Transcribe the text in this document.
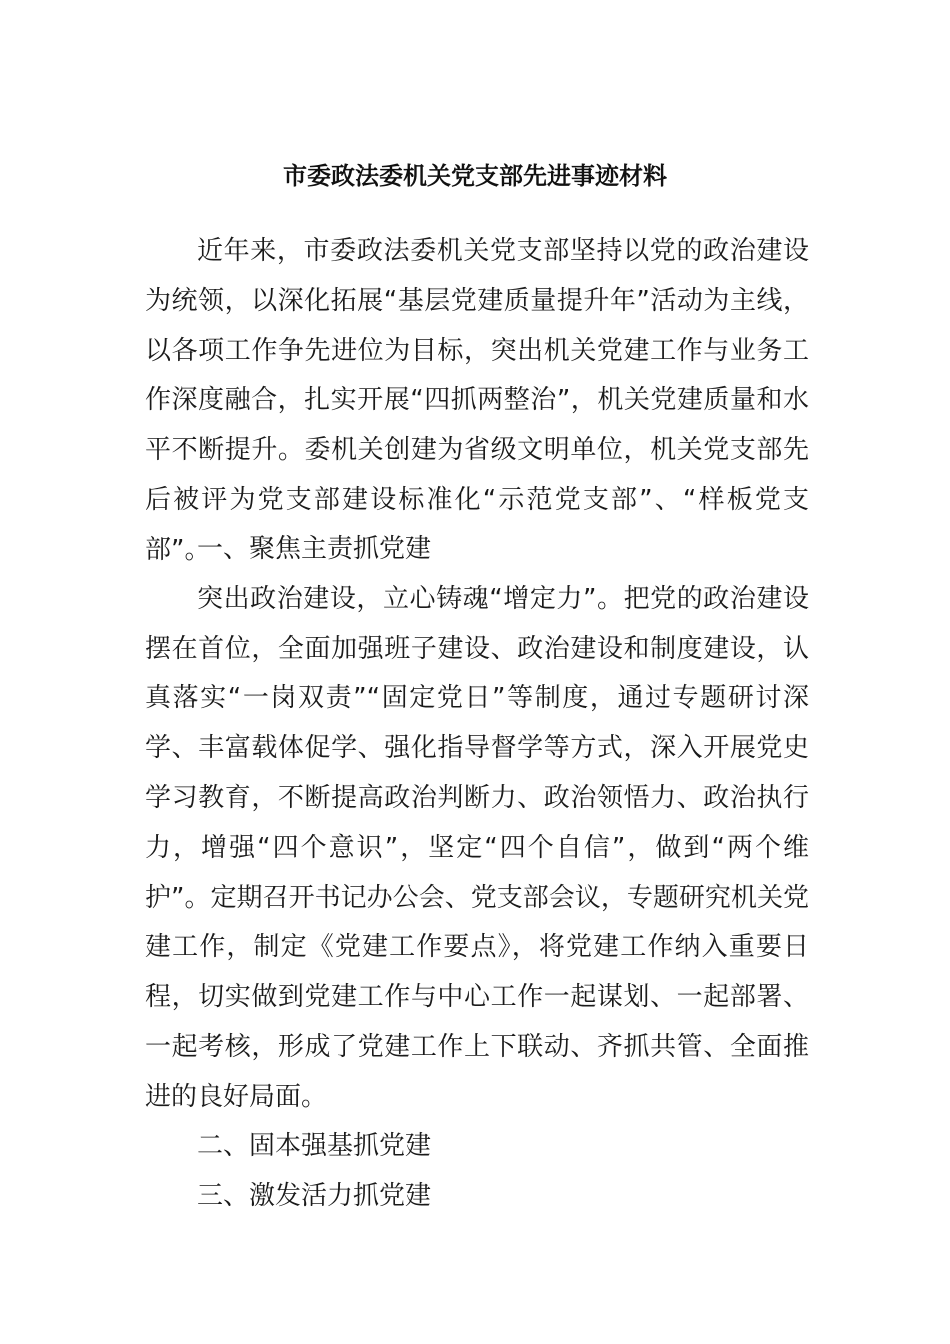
市委政法委机关党支部先进事迹材料

近年来，市委政法委机关党支部坚持以党的政治建设为统领，以深化拓展“基层党建质量提升年”活动为主线，以各项工作争先进位为目标，突出机关党建工作与业务工作深度融合，扎实开展“四抓两整治”，机关党建质量和水平不断提升。委机关创建为省级文明单位，机关党支部先后被评为党支部建设标准化“示范党支部”、“样板党支部”。

一、聚焦主责抓党建

突出政治建设，立心铸魂“增定力”。把党的政治建设摆在首位，全面加强班子建设、政治建设和制度建设，认真落实“一岗双责”“固定党日”等制度，通过专题研讨深学、丰富载体促学、强化指导督学等方式，深入开展党史学习教育，不断提高政治判断力、政治领悟力、政治执行力，增强“四个意识”，坚定“四个自信”，做到“两个维护”。定期召开书记办公会、党支部会议，专题研究机关党建工作，制定《党建工作要点》，将党建工作纳入重要日程，切实做到党建工作与中心工作一起谋划、一起部署、一起考核，形成了党建工作上下联动、齐抓共管、全面推进的良好局面。

二、固本强基抓党建

三、激发活力抓党建
